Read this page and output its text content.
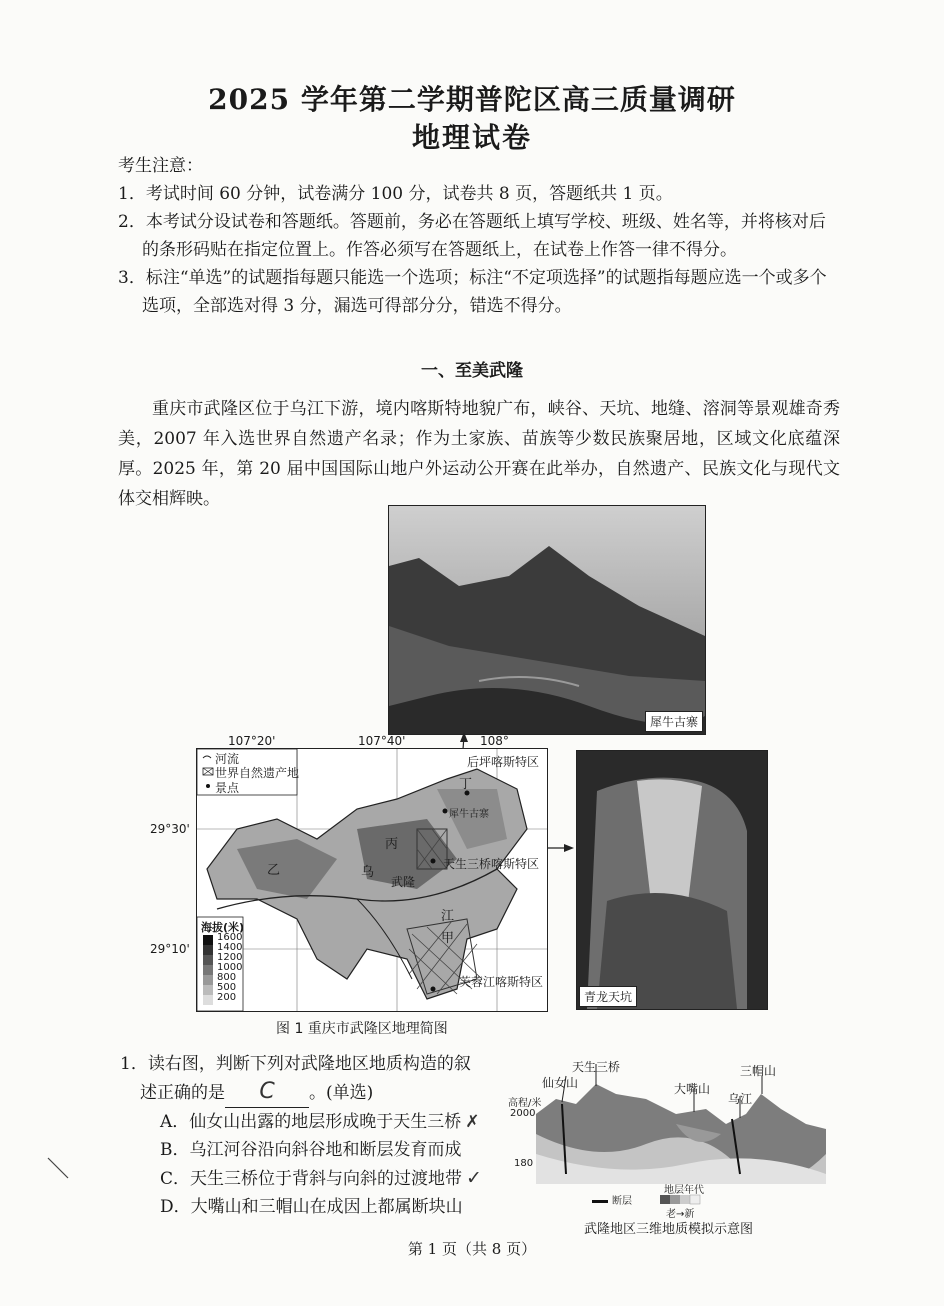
2025 学年第二学期普陀区高三质量调研
地理试卷
考生注意：
1．考试时间 60 分钟，试卷满分 100 分，试卷共 8 页，答题纸共 1 页。
2．本考试分设试卷和答题纸。答题前，务必在答题纸上填写学校、班级、姓名等，并将核对后的条形码贴在指定位置上。作答必须写在答题纸上，在试卷上作答一律不得分。
3．标注“单选”的试题指每题只能选一个选项；标注“不定项选择”的试题指每题应选一个或多个选项，全部选对得 3 分，漏选可得部分分，错选不得分。
一、至美武隆
重庆市武隆区位于乌江下游，境内喀斯特地貌广布，峡谷、天坑、地缝、溶洞等景观雄奇秀美，2007 年入选世界自然遗产名录；作为土家族、苗族等少数民族聚居地，区域文化底蕴深厚。2025 年，第 20 届中国国际山地户外运动公开赛在此举办，自然遗产、民族文化与现代文体交相辉映。
犀牛古寨
青龙天坑
107°20'	107°40'	108°
29°30'
29°10'
河流
世界自然遗产地
景点
后坪喀斯特区
犀牛古寨
天生三桥喀斯特区
芙蓉江喀斯特区
武隆
乙
丙
丁
甲
乌
江
海拔(米)
1600
1400
1200
1000
800
500
200
图 1 重庆市武隆区地理简图
1．读右图，判断下列对武隆地区地质构造的叙
述正确的是 C 。(单选)
A．仙女山出露的地层形成晚于天生三桥 ✗
B．乌江河谷沿向斜谷地和断层发育而成
C．天生三桥位于背斜与向斜的过渡地带 ✓
D．大嘴山和三帽山在成因上都属断块山
天生三桥
仙女山	大嘴山
乌江
三帽山
高程/米
2000
180
断层
地层年代
老→新
武隆地区三维地质模拟示意图
第 1 页（共 8 页）
